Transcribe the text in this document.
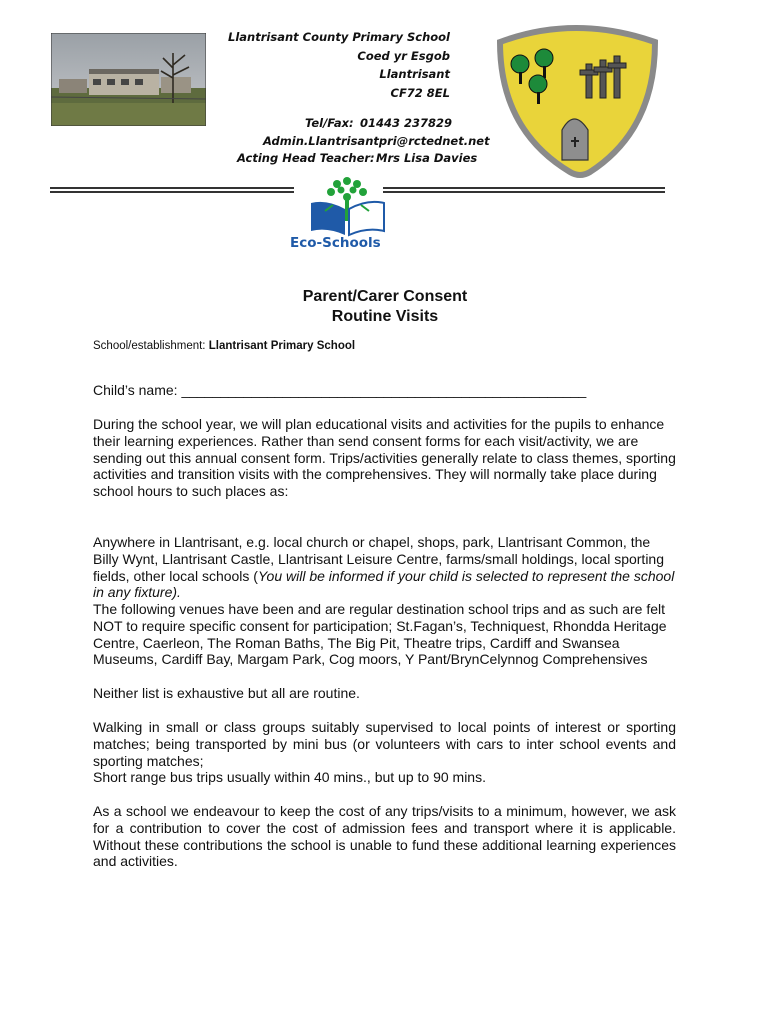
Llantrisant County Primary School
Coed yr Esgob
Llantrisant
CF72 8EL
Tel/Fax: 01443 237829
Admin.Llantrisantpri@rctednet.net
Acting Head Teacher: Mrs Lisa Davies
Eco-Schools
Parent/Carer Consent
Routine Visits
School/establishment: Llantrisant Primary School
Child’s name: ____________________________________________________
During the school year, we will plan educational visits and activities for the pupils to enhance their learning experiences. Rather than send consent forms for each visit/activity, we are sending out this annual consent form. Trips/activities generally relate to class themes, sporting activities and transition visits with the comprehensives. They will normally take place during school hours to such places as:
Anywhere in Llantrisant, e.g. local church or chapel, shops, park, Llantrisant Common, the Billy Wynt, Llantrisant Castle, Llantrisant Leisure Centre, farms/small holdings, local sporting fields, other local schools (You will be informed if your child is selected to represent the school in any fixture).
The following venues have been and are regular destination school trips and as such are felt NOT to require specific consent for participation; St.Fagan’s, Techniquest, Rhondda Heritage Centre, Caerleon, The Roman Baths, The Big Pit, Theatre trips, Cardiff and Swansea Museums, Cardiff Bay, Margam Park, Cog moors, Y Pant/BrynCelynnog Comprehensives
Neither list is exhaustive but all are routine.
Walking in small or class groups suitably supervised to local points of interest or sporting matches; being transported by mini bus (or volunteers with cars to inter school events and sporting matches;
Short range bus trips usually within 40 mins., but up to 90 mins.
As a school we endeavour to keep the cost of any trips/visits to a minimum, however, we ask for a contribution to cover the cost of admission fees and transport where it is applicable. Without these contributions the school is unable to fund these additional learning experiences and activities.
